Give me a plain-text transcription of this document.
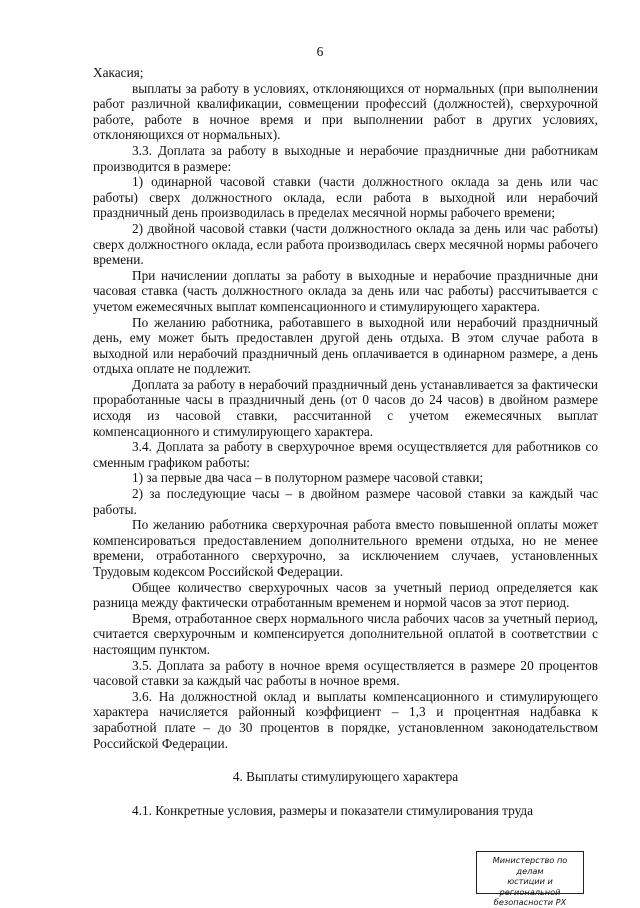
6

Хакасия;

выплаты за работу в условиях, отклоняющихся от нормальных (при выполнении работ различной квалификации, совмещении профессий (должностей), сверхурочной работе, работе в ночное время и при выполнении работ в других условиях, отклоняющихся от нормальных).

3.3. Доплата за работу в выходные и нерабочие праздничные дни работникам производится в размере:

1) одинарной часовой ставки (части должностного оклада за день или час работы) сверх должностного оклада, если работа в выходной или нерабочий праздничный день производилась в пределах месячной нормы рабочего времени;

2) двойной часовой ставки (части должностного оклада за день или час работы) сверх должностного оклада, если работа производилась сверх месячной нормы рабочего времени.

При начислении доплаты за работу в выходные и нерабочие праздничные дни часовая ставка (часть должностного оклада за день или час работы) рассчитывается с учетом ежемесячных выплат компенсационного и стимулирующего характера.

По желанию работника, работавшего в выходной или нерабочий праздничный день, ему может быть предоставлен другой день отдыха. В этом случае работа в выходной или нерабочий праздничный день оплачивается в одинарном размере, а день отдыха оплате не подлежит.

Доплата за работу в нерабочий праздничный день устанавливается за фактически проработанные часы в праздничный день (от 0 часов до 24 часов) в двойном размере исходя из часовой ставки, рассчитанной с учетом ежемесячных выплат компенсационного и стимулирующего характера.

3.4. Доплата за работу в сверхурочное время осуществляется для работников со сменным графиком работы:

1) за первые два часа – в полуторном размере часовой ставки;

2) за последующие часы – в двойном размере часовой ставки за каждый час работы.

По желанию работника сверхурочная работа вместо повышенной оплаты может компенсироваться предоставлением дополнительного времени отдыха, но не менее времени, отработанного сверхурочно, за исключением случаев, установленных Трудовым кодексом Российской Федерации.

Общее количество сверхурочных часов за учетный период определяется как разница между фактически отработанным временем и нормой часов за этот период.

Время, отработанное сверх нормального числа рабочих часов за учетный период, считается сверхурочным и компенсируется дополнительной оплатой в соответствии с настоящим пунктом.

3.5. Доплата за работу в ночное время осуществляется в размере 20 процентов часовой ставки за каждый час работы в ночное время.

3.6. На должностной оклад и выплаты компенсационного и стимулирующего характера начисляется районный коэффициент – 1,3 и процентная надбавка к заработной плате – до 30 процентов в порядке, установленном законодательством Российской Федерации.

4. Выплаты стимулирующего характера

4.1. Конкретные условия, размеры и показатели стимулирования труда

Министерство по делам
юстиции и региональной
безопасности РХ
